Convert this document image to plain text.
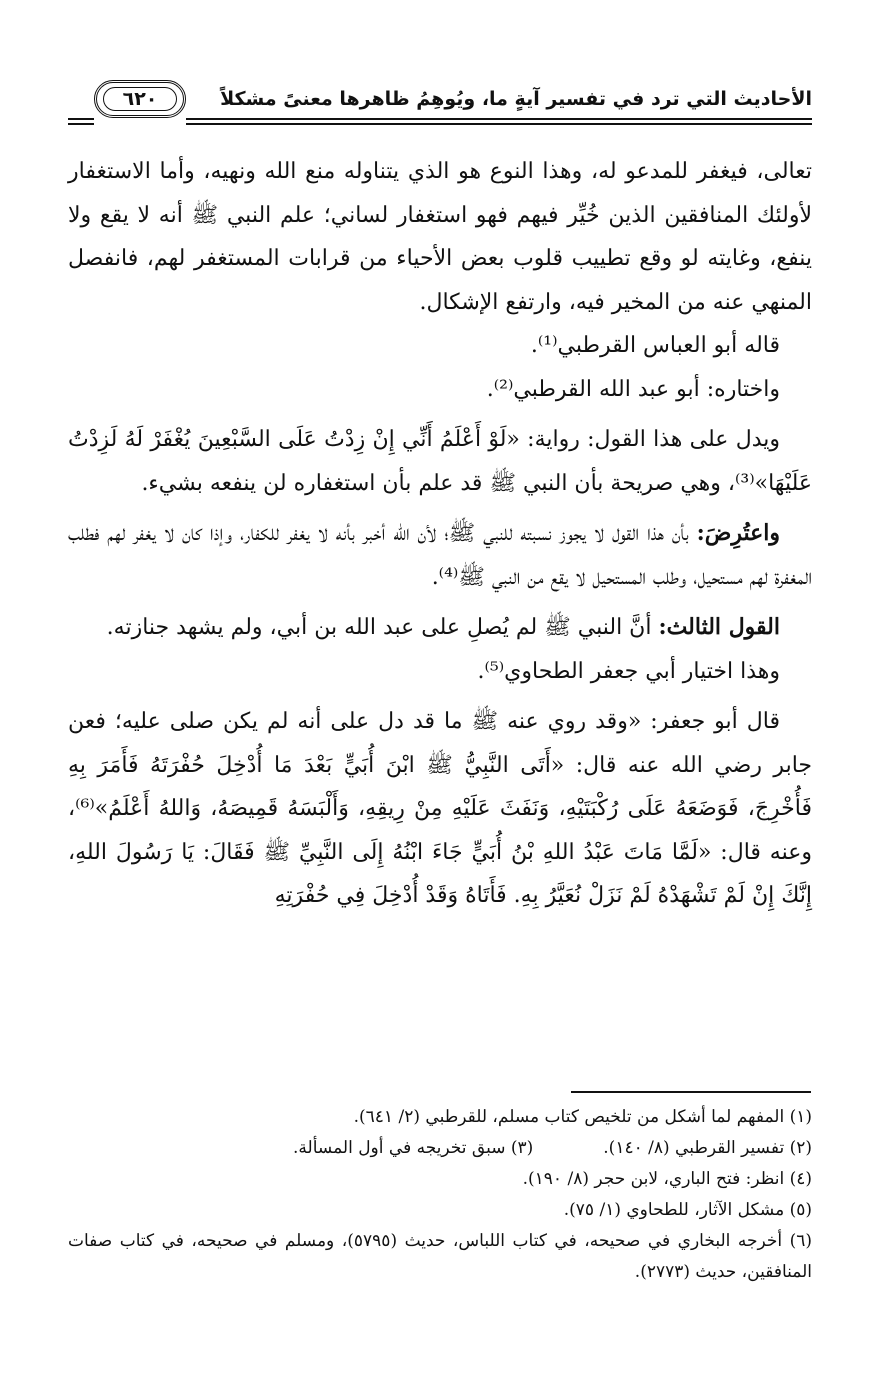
الأحاديث التي ترد في تفسير آيةٍ ما، ويُوهِمُ ظاهرها معنىً مشكلاً
٦٢٠

تعالى، فيغفر للمدعو له، وهذا النوع هو الذي يتناوله منع الله ونهيه، وأما الاستغفار لأولئك المنافقين الذين خُيِّر فيهم فهو استغفار لساني؛ علم النبي ﷺ أنه لا يقع ولا ينفع، وغايته لو وقع تطييب قلوب بعض الأحياء من قرابات المستغفر لهم، فانفصل المنهي عنه من المخير فيه، وارتفع الإشكال.

قاله أبو العباس القرطبي⁽¹⁾.

واختاره: أبو عبد الله القرطبي⁽²⁾.

ويدل على هذا القول: رواية: «لَوْ أَعْلَمُ أَنِّي إِنْ زِدْتُ عَلَى السَّبْعِينَ يُغْفَرْ لَهُ لَزِدْتُ عَلَيْهَا»⁽³⁾، وهي صريحة بأن النبي ﷺ قد علم بأن استغفاره لن ينفعه بشيء.

واعتُرِضَ: بأن هذا القول لا يجوز نسبته للنبي ﷺ؛ لأن الله أخبر بأنه لا يغفر للكفار، وإذا كان لا يغفر لهم فطلب المغفرة لهم مستحيل، وطلب المستحيل لا يقع من النبي ﷺ⁽⁴⁾.

القول الثالث: أنَّ النبي ﷺ لم يُصلِ على عبد الله بن أبي، ولم يشهد جنازته.

وهذا اختيار أبي جعفر الطحاوي⁽⁵⁾.

قال أبو جعفر: «وقد روي عنه ﷺ ما قد دل على أنه لم يكن صلى عليه؛ فعن جابر رضي الله عنه قال: «أَتَى النَّبِيُّ ﷺ ابْنَ أُبَيٍّ بَعْدَ مَا أُدْخِلَ حُفْرَتَهُ فَأَمَرَ بِهِ فَأُخْرِجَ، فَوَضَعَهُ عَلَى رُكْبَتَيْهِ، وَنَفَثَ عَلَيْهِ مِنْ رِيقِهِ، وَأَلْبَسَهُ قَمِيصَهُ، وَاللهُ أَعْلَمُ»⁽⁶⁾، وعنه قال: «لَمَّا مَاتَ عَبْدُ اللهِ بْنُ أُبَيٍّ جَاءَ ابْنُهُ إِلَى النَّبِيِّ ﷺ فَقَالَ: يَا رَسُولَ اللهِ، إِنَّكَ إِنْ لَمْ تَشْهَدْهُ لَمْ نَزَلْ نُعَيَّرُ بِهِ. فَأَتَاهُ وَقَدْ أُدْخِلَ فِي حُفْرَتِهِ

(١) المفهم لما أشكل من تلخيص كتاب مسلم، للقرطبي (٢/ ٦٤١).
(٢) تفسير القرطبي (٨/ ١٤٠).
(٣) سبق تخريجه في أول المسألة.
(٤) انظر: فتح الباري، لابن حجر (٨/ ١٩٠).
(٥) مشكل الآثار، للطحاوي (١/ ٧٥).
(٦) أخرجه البخاري في صحيحه، في كتاب اللباس، حديث (٥٧٩٥)، ومسلم في صحيحه، في كتاب صفات المنافقين، حديث (٢٧٧٣).
